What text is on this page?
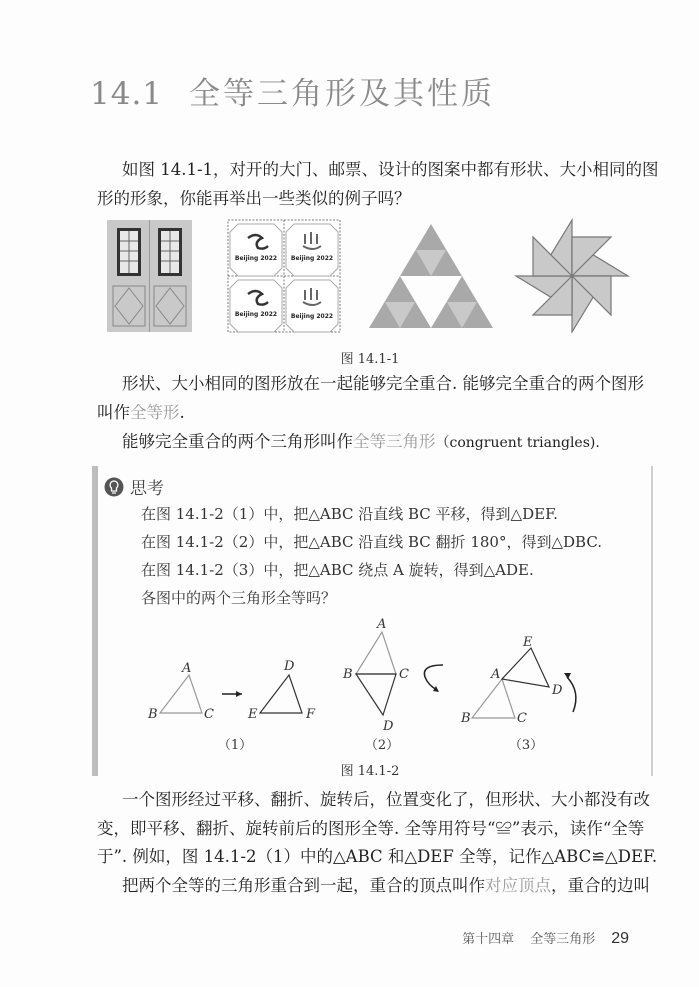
14.1 全等三角形及其性质
如图 14.1-1，对开的大门、邮票、设计的图案中都有形状、大小相同的图
形的形象，你能再举出一些类似的例子吗？
Beijing 2022 Beijing 2022
Beijing 2022 Beijing 2022
图 14.1-1
形状、大小相同的图形放在一起能够完全重合. 能够完全重合的两个图形
叫作全等形.
能够完全重合的两个三角形叫作全等三角形（congruent triangles).
思考
在图 14.1-2（1）中，把△ABC 沿直线 BC 平移，得到△DEF.
在图 14.1-2（2）中，把△ABC 沿直线 BC 翻折 180°，得到△DBC.
在图 14.1-2（3）中，把△ABC 绕点 A 旋转，得到△ADE.
各图中的两个三角形全等吗？
A
B	C
D
E	F
A
B	C
D
E
A
D
B	C
（1）	（2）	（3）
图 14.1-2
一个图形经过平移、翻折、旋转后，位置变化了，但形状、大小都没有改
变，即平移、翻折、旋转前后的图形全等. 全等用符号“≌”表示，读作“全等
于”. 例如，图 14.1-2（1）中的△ABC 和△DEF 全等，记作△ABC≌△DEF.
把两个全等的三角形重合到一起，重合的顶点叫作对应顶点，重合的边叫
第十四章 全等三角形 29
